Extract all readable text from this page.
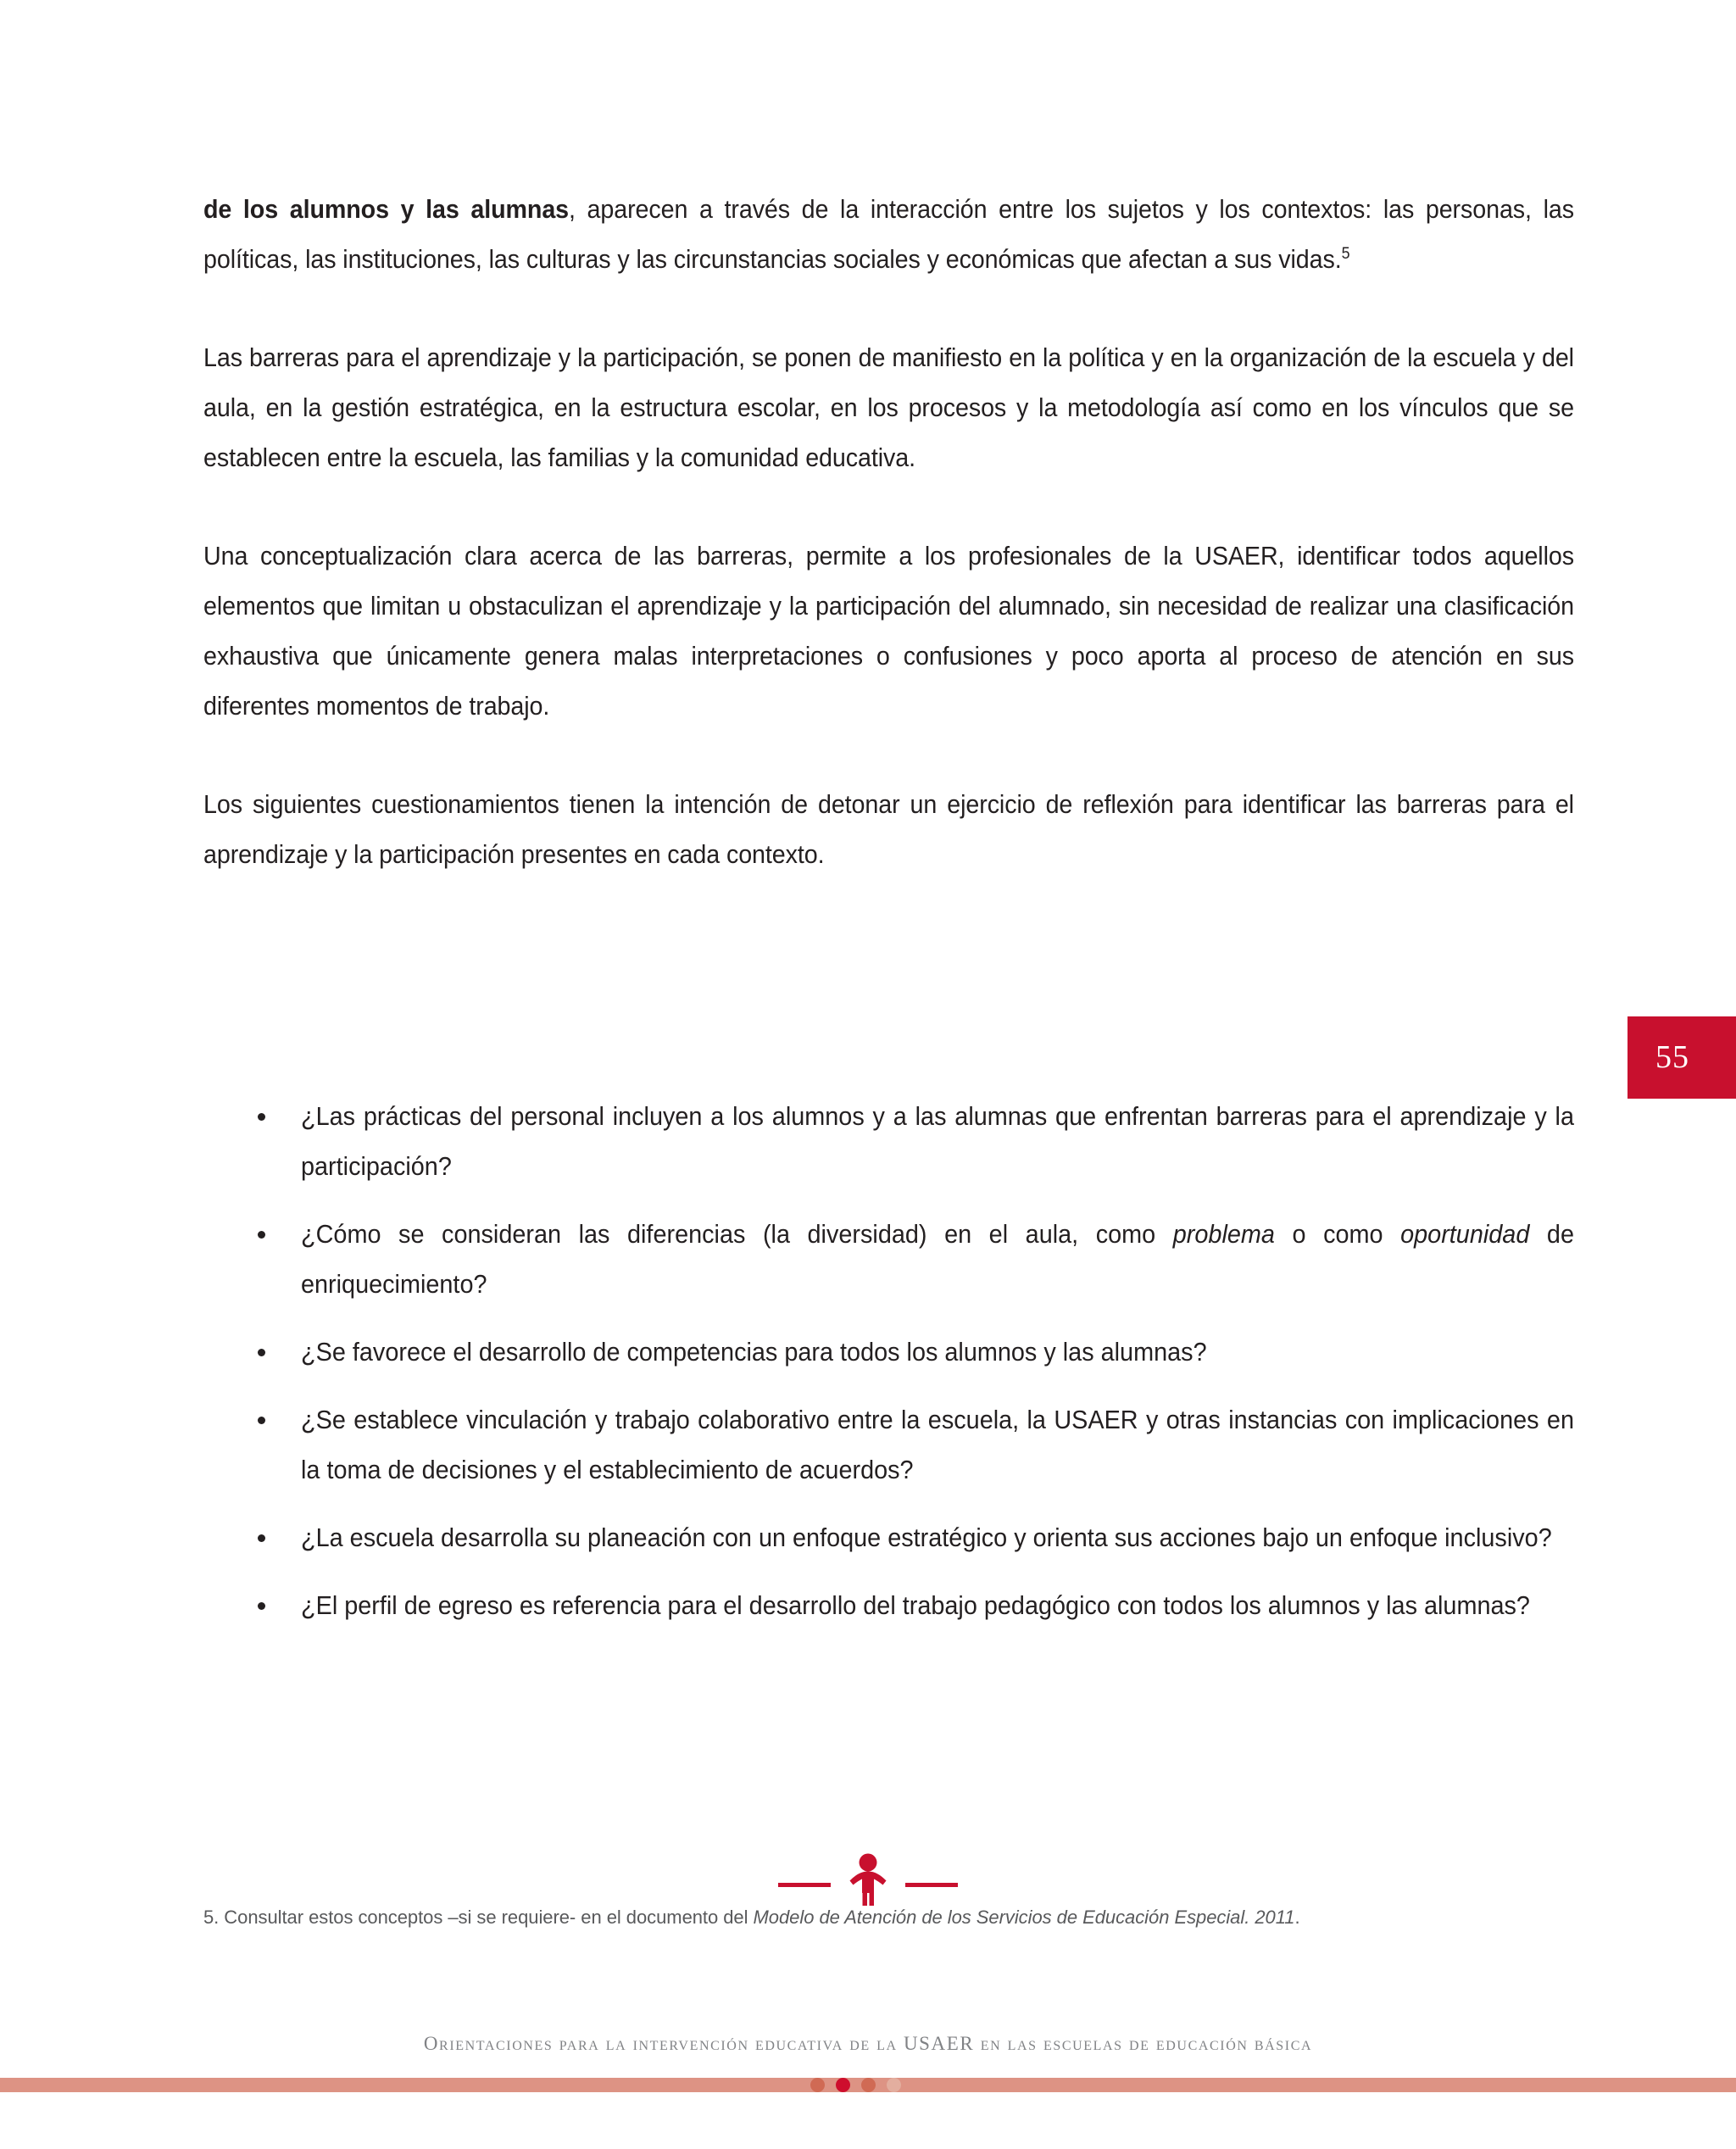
de los alumnos y las alumnas, aparecen a través de la interacción entre los sujetos y los contextos: las personas, las políticas, las instituciones, las culturas y las circunstancias sociales y económicas que afectan a sus vidas.$^5$

Las barreras para el aprendizaje y la participación, se ponen de manifiesto en la política y en la organización de la escuela y del aula, en la gestión estratégica, en la estructura escolar, en los procesos y la metodología así como en los vínculos que se establecen entre la escuela, las familias y la comunidad educativa.

Una conceptualización clara acerca de las barreras, permite a los profesionales de la USAER, identificar todos aquellos elementos que limitan u obstaculizan el aprendizaje y la participación del alumnado, sin necesidad de realizar una clasificación exhaustiva que únicamente genera malas interpretaciones o confusiones y poco aporta al proceso de atención en sus diferentes momentos de trabajo.

Los siguientes cuestionamientos tienen la intención de detonar un ejercicio de reflexión para identificar las barreras para el aprendizaje y la participación presentes en cada contexto.

55
¿Las prácticas del personal incluyen a los alumnos y a las alumnas que enfrentan barreras para el aprendizaje y la participación?
¿Cómo se consideran las diferencias (la diversidad) en el aula, como problema o como oportunidad de enriquecimiento?
¿Se favorece el desarrollo de competencias para todos los alumnos y las alumnas?
¿Se establece vinculación y trabajo colaborativo entre la escuela, la USAER y otras instancias con implicaciones en la toma de decisiones y el establecimiento de acuerdos?
¿La escuela desarrolla su planeación con un enfoque estratégico y orienta sus acciones bajo un enfoque inclusivo?
¿El perfil de egreso es referencia para el desarrollo del trabajo pedagógico con todos los alumnos y las alumnas?
5. Consultar estos conceptos –si se requiere- en el documento del Modelo de Atención de los Servicios de Educación Especial. 2011.
Orientaciones para la intervención educativa de la USAER en las escuelas de educación básica
